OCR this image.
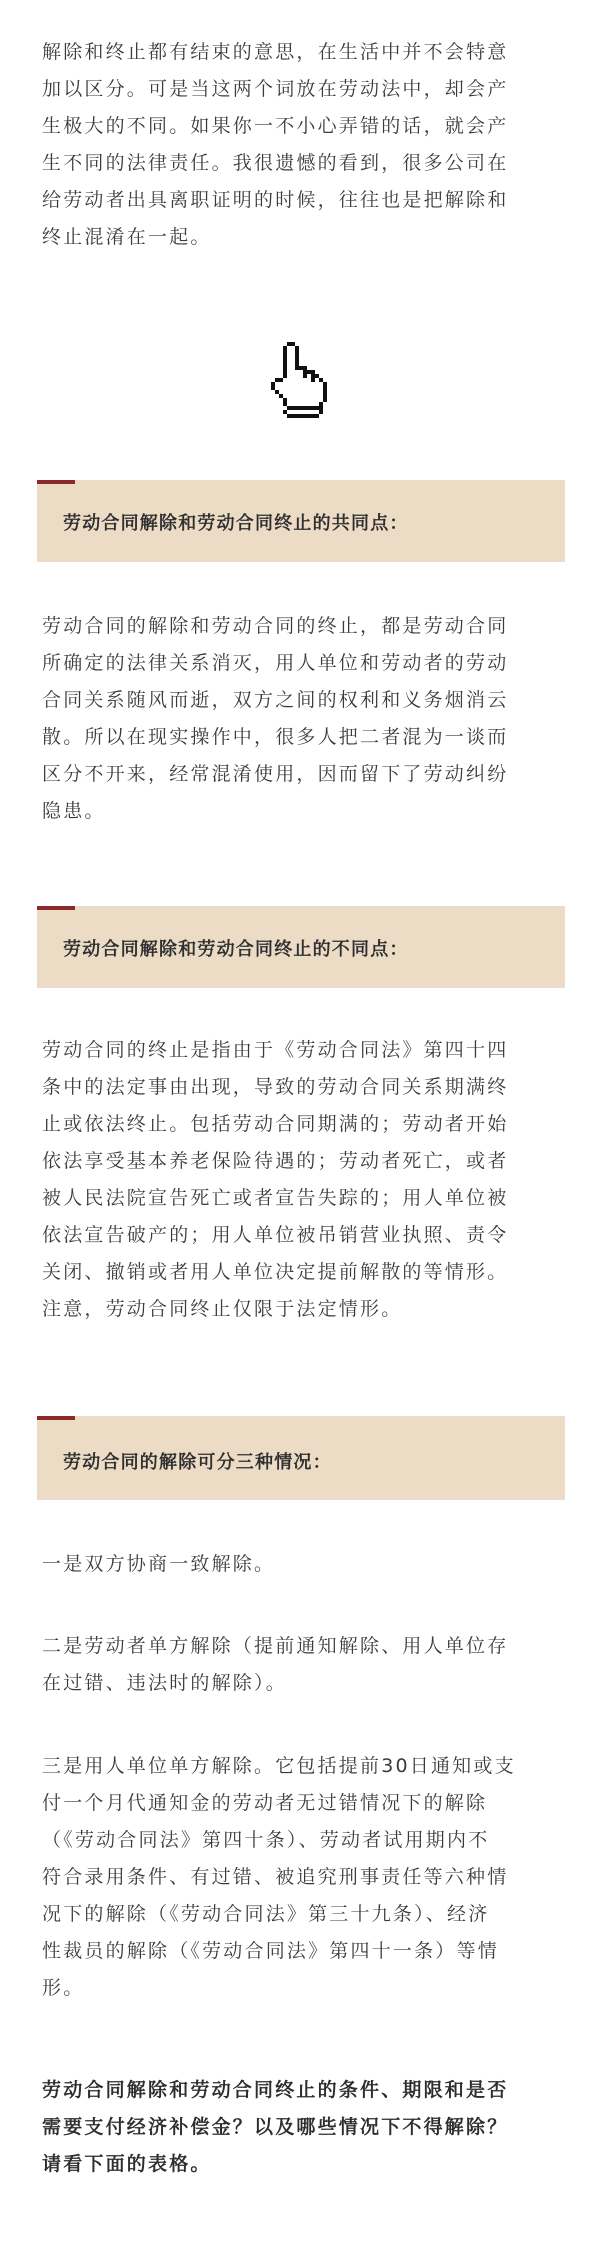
解除和终止都有结束的意思，在生活中并不会特意
加以区分。可是当这两个词放在劳动法中，却会产
生极大的不同。如果你一不小心弄错的话，就会产
生不同的法律责任。我很遗憾的看到，很多公司在
给劳动者出具离职证明的时候，往往也是把解除和
终止混淆在一起。

劳动合同解除和劳动合同终止的共同点：

劳动合同的解除和劳动合同的终止，都是劳动合同
所确定的法律关系消灭，用人单位和劳动者的劳动
合同关系随风而逝，双方之间的权利和义务烟消云
散。所以在现实操作中，很多人把二者混为一谈而
区分不开来，经常混淆使用，因而留下了劳动纠纷
隐患。

劳动合同解除和劳动合同终止的不同点：

劳动合同的终止是指由于《劳动合同法》第四十四
条中的法定事由出现，导致的劳动合同关系期满终
止或依法终止。包括劳动合同期满的；劳动者开始
依法享受基本养老保险待遇的；劳动者死亡，或者
被人民法院宣告死亡或者宣告失踪的；用人单位被
依法宣告破产的；用人单位被吊销营业执照、责令
关闭、撤销或者用人单位决定提前解散的等情形。
注意，劳动合同终止仅限于法定情形。

劳动合同的解除可分三种情况：

一是双方协商一致解除。

二是劳动者单方解除（提前通知解除、用人单位存
在过错、违法时的解除）。

三是用人单位单方解除。它包括提前30日通知或支
付一个月代通知金的劳动者无过错情况下的解除
（《劳动合同法》第四十条）、劳动者试用期内不
符合录用条件、有过错、被追究刑事责任等六种情
况下的解除（《劳动合同法》第三十九条）、经济
性裁员的解除（《劳动合同法》第四十一条）等情
形。

劳动合同解除和劳动合同终止的条件、期限和是否
需要支付经济补偿金？以及哪些情况下不得解除？
请看下面的表格。
